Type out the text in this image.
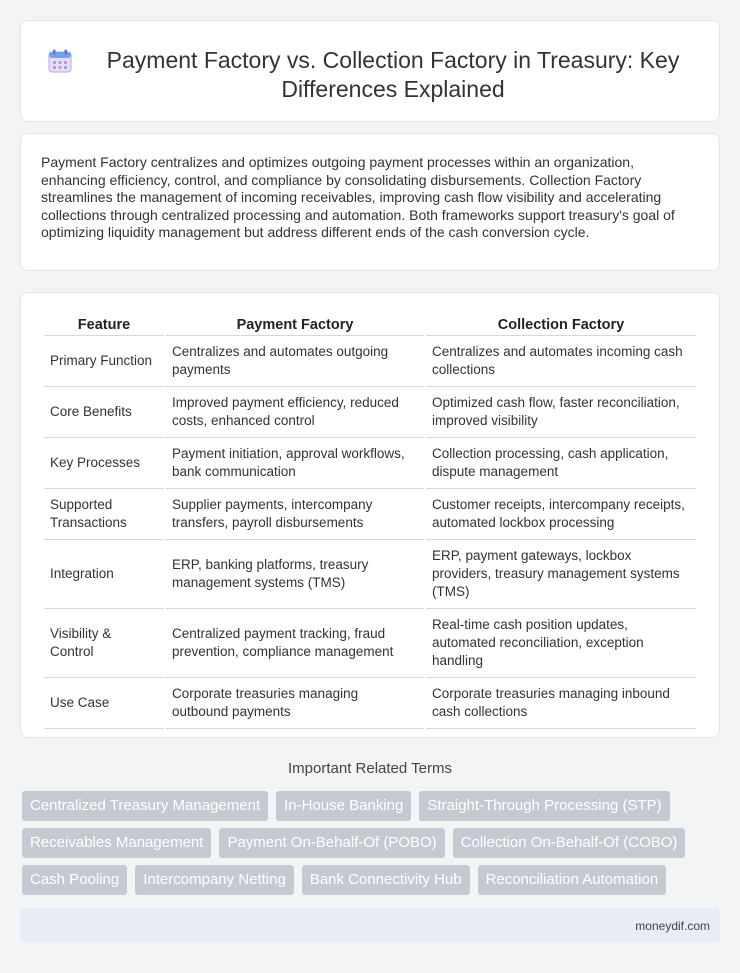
Payment Factory vs. Collection Factory in Treasury: Key Differences Explained

Payment Factory centralizes and optimizes outgoing payment processes within an organization, enhancing efficiency, control, and compliance by consolidating disbursements. Collection Factory streamlines the management of incoming receivables, improving cash flow visibility and accelerating collections through centralized processing and automation. Both frameworks support treasury's goal of optimizing liquidity management but address different ends of the cash conversion cycle.

Feature	Payment Factory	Collection Factory
Primary Function	Centralizes and automates outgoing payments	Centralizes and automates incoming cash collections
Core Benefits	Improved payment efficiency, reduced costs, enhanced control	Optimized cash flow, faster reconciliation, improved visibility
Key Processes	Payment initiation, approval workflows, bank communication	Collection processing, cash application, dispute management
Supported Transactions	Supplier payments, intercompany transfers, payroll disbursements	Customer receipts, intercompany receipts, automated lockbox processing
Integration	ERP, banking platforms, treasury management systems (TMS)	ERP, payment gateways, lockbox providers, treasury management systems (TMS)
Visibility & Control	Centralized payment tracking, fraud prevention, compliance management	Real-time cash position updates, automated reconciliation, exception handling
Use Case	Corporate treasuries managing outbound payments	Corporate treasuries managing inbound cash collections
Important Related Terms
Centralized Treasury Management	In-House Banking	Straight-Through Processing (STP)
Receivables Management	Payment On-Behalf-Of (POBO)	Collection On-Behalf-Of (COBO)
Cash Pooling	Intercompany Netting	Bank Connectivity Hub	Reconciliation Automation
moneydif.com
